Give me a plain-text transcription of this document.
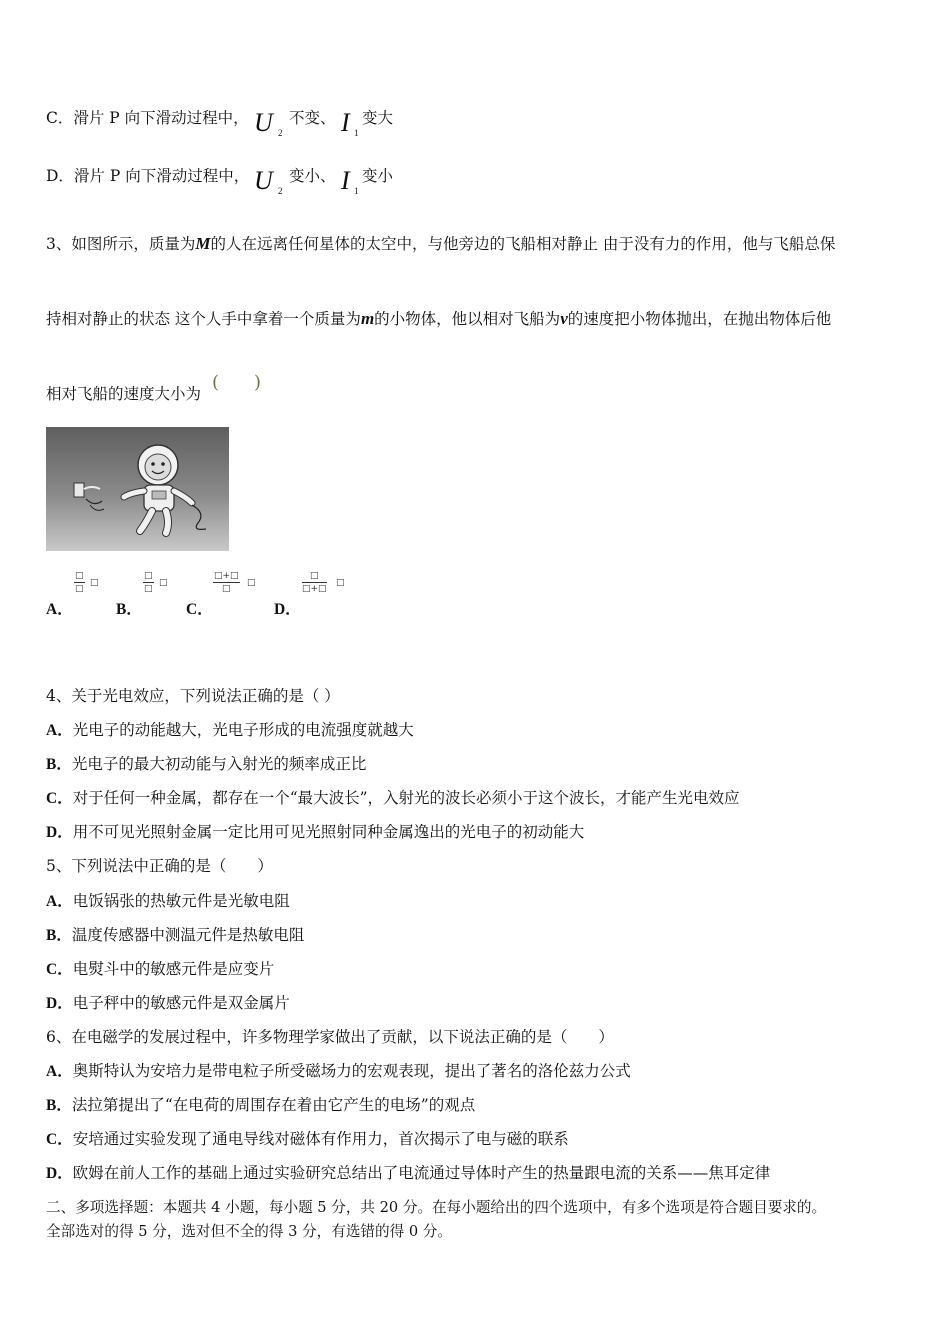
C．滑片 P 向下滑动过程中， U 2
不变、 I 1
变大
D．滑片 P 向下滑动过程中， U 2
变小、 I 1
变小
3、如图所示，质量为M的人在远离任何星体的太空中，与他旁边的飞船相对静止 由于没有力的作用，他与飞船总保
持相对静止的状态 这个人手中拿着一个质量为m的小物体，他以相对飞船为v的速度把小物体抛出，在抛出物体后他
相对飞船的速度大小为
( )
A．
□
□
□
B．
□
□
□
C．
□+□
□
□
D．
□
□+□
□
4、关于光电效应，下列说法正确的是（ ）
A．光电子的动能越大，光电子形成的电流强度就越大
B．光电子的最大初动能与入射光的频率成正比
C．对于任何一种金属，都存在一个“最大波长”，入射光的波长必须小于这个波长，才能产生光电效应
D．用不可见光照射金属一定比用可见光照射同种金属逸出的光电子的初动能大
5、下列说法中正确的是（　　）
A．电饭锅张的热敏元件是光敏电阻
B．温度传感器中测温元件是热敏电阻
C．电熨斗中的敏感元件是应变片
D．电子秤中的敏感元件是双金属片
6、在电磁学的发展过程中，许多物理学家做出了贡献，以下说法正确的是（　　）
A．奥斯特认为安培力是带电粒子所受磁场力的宏观表现，提出了著名的洛伦兹力公式
B．法拉第提出了“在电荷的周围存在着由它产生的电场”的观点
C．安培通过实验发现了通电导线对磁体有作用力，首次揭示了电与磁的联系
D．欧姆在前人工作的基础上通过实验研究总结出了电流通过导体时产生的热量跟电流的关系——焦耳定律
二、多项选择题：本题共 4 小题，每小题 5 分，共 20 分。在每小题给出的四个选项中，有多个选项是符合题目要求的。
全部选对的得 5 分，选对但不全的得 3 分，有选错的得 0 分。
